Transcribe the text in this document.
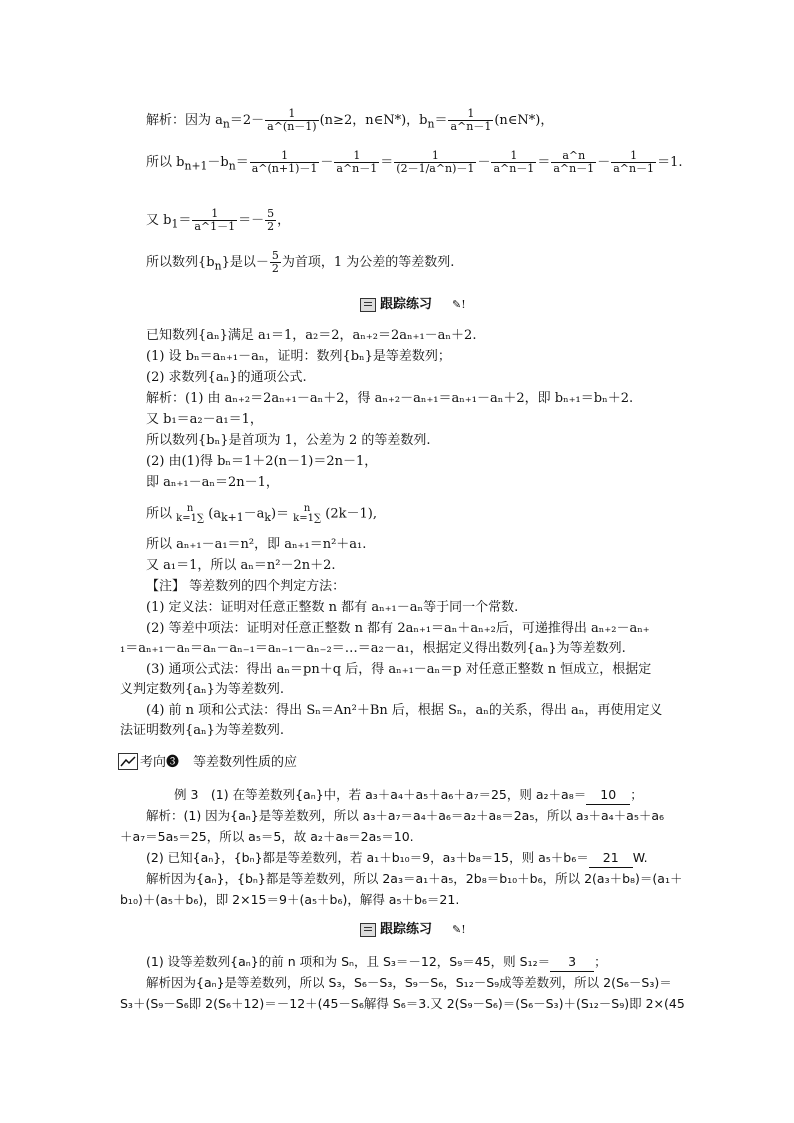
解析：因为 $a_n=2- \frac{1}{a\^{}(n-1)} (n\ge 2$，n∈N*)，$b_n= \frac{1}{a\^{}n-1}$ (n∈N*)，
所以 $b_{n+1}-b_n= \frac{1}{a\^{}(n+1)-1} - \frac{1}{a\^{}n-1} = \frac{1}{(2-1/a\^{}n)-1} - \frac{1}{a\^{}n-1} = \frac{a\^{}n}{a\^{}n-1} - \frac{1}{a\^{}n-1} =1$.
又 $b_1= \frac{1}{a\^{}1-1} =- \frac{5}{2}$ ，
所以数列$\{b_n\}$是以－ $\frac{5}{2}$ 为首项，1 为公差的等差数列.
跟踪练习 ✎!
已知数列{aₙ}满足 a₁＝1，a₂＝2，aₙ₊₂＝2aₙ₊₁－aₙ＋2.
(1) 设 bₙ＝aₙ₊₁－aₙ，证明：数列{bₙ}是等差数列；
(2) 求数列{aₙ}的通项公式.
解析：(1) 由 aₙ₊₂＝2aₙ₊₁－aₙ＋2，得 aₙ₊₂－aₙ₊₁＝aₙ₊₁－aₙ＋2，即 bₙ₊₁＝bₙ＋2.
又 b₁＝a₂－a₁＝1，
所以数列{bₙ}是首项为 1，公差为 2 的等差数列.
(2) 由(1)得 bₙ＝1＋2(n－1)＝2n－1，
即 aₙ₊₁－aₙ＝2n－1，
所以	n
k=1∑ $(a_{k+1}-a_k)=$	n
k=1∑ (2k－1),
所以 aₙ₊₁－a₁＝n²，即 aₙ₊₁＝n²＋a₁.
又 a₁＝1，所以 aₙ＝n²－2n＋2.
【注】 等差数列的四个判定方法：
(1) 定义法：证明对任意正整数 n 都有 aₙ₊₁－aₙ等于同一个常数.
(2) 等差中项法：证明对任意正整数 n 都有 2aₙ₊₁＝aₙ＋aₙ₊₂后，可递推得出 aₙ₊₂－aₙ₊
₁＝aₙ₊₁－aₙ＝aₙ－aₙ₋₁＝aₙ₋₁－aₙ₋₂＝…＝a₂－a₁，根据定义得出数列{aₙ}为等差数列.
(3) 通项公式法：得出 aₙ＝pn＋q 后，得 aₙ₊₁－aₙ＝p 对任意正整数 n 恒成立，根据定
义判定数列{aₙ}为等差数列.
(4) 前 n 项和公式法：得出 Sₙ＝An²＋Bn 后，根据 Sₙ，aₙ的关系，得出 aₙ，再使用定义
法证明数列{aₙ}为等差数列.
考向❸ 等差数列性质的应
例 3　(1) 在等差数列{aₙ}中，若 a₃＋a₄＋a₅＋a₆＋a₇＝25，则 a₂＋a₈＝ 10 ；
解析：(1) 因为{aₙ}是等差数列，所以 a₃＋a₇＝a₄＋a₆＝a₂＋a₈＝2a₅，所以 a₃＋a₄＋a₅＋a₆
＋a₇＝5a₅＝25，所以 a₅＝5，故 a₂＋a₈＝2a₅＝10.
(2) 已知{aₙ}，{bₙ}都是等差数列，若 a₁＋b₁₀＝9，a₃＋b₈＝15，则 a₅＋b₆＝ 21 W.
解析因为{aₙ}，{bₙ}都是等差数列，所以 2a₃＝a₁＋a₅，2b₈＝b₁₀＋b₆，所以 2(a₃＋b₈)＝(a₁＋
b₁₀)＋(a₅＋b₆)，即 2×15＝9＋(a₅＋b₆)，解得 a₅＋b₆＝21.
跟踪练习 ✎!
(1) 设等差数列{aₙ}的前 n 项和为 Sₙ，且 S₃＝－12，S₉＝45，则 S₁₂＝ 3 ；
解析因为{aₙ}是等差数列，所以 S₃，S₆－S₃，S₉－S₆，S₁₂－S₉成等差数列，所以 2(S₆－S₃)＝
S₃＋(S₉－S₆即 2(S₆＋12)＝－12＋(45－S₆解得 S₆＝3.又 2(S₉－S₆)＝(S₆－S₃)＋(S₁₂－S₉)即 2×(45
